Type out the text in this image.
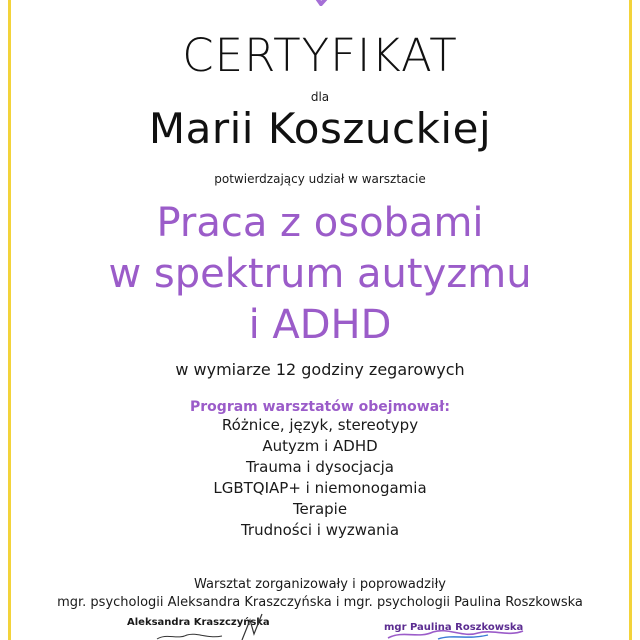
CERTYFIKAT
dla
Marii Koszuckiej
potwierdzający udział w warsztacie
Praca z osobami
w spektrum autyzmu
i ADHD
w wymiarze 12 godziny zegarowych
Program warsztatów obejmował:
Różnice, język, stereotypy
Autyzm i ADHD
Trauma i dysocjacja
LGBTQIAP+ i niemonogamia
Terapie
Trudności i wyzwania
Warsztat zorganizowały i poprowadziły
mgr. psychologii Aleksandra Kraszczyńska i mgr. psychologii Paulina Roszkowska
Aleksandra Kraszczyńska	mgr Paulina Roszkowska
